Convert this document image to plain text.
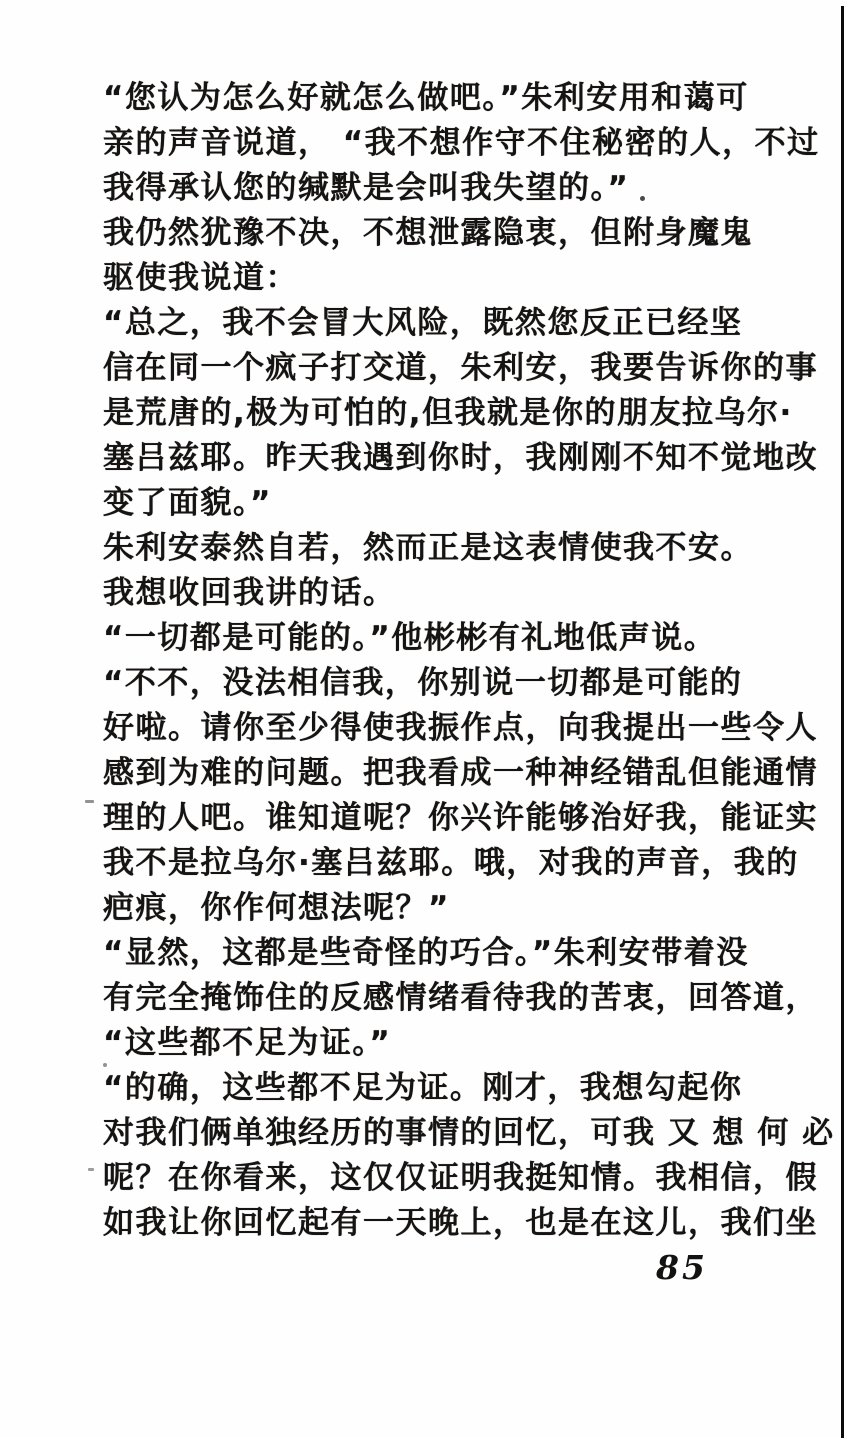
“您认为怎么好就怎么做吧。”朱利安用和蔼可 亲的声音说道， “我不想作守不住秘密的人，不过 我得承认您的缄默是会叫我失望的。”

我仍然犹豫不决，不想泄露隐衷，但附身魔鬼 驱使我说道：

“总之，我不会冒大风险，既然您反正已经坚 信在同一个疯子打交道，朱利安，我要告诉你的事 是荒唐的,极为可怕的,但我就是你的朋友拉乌尔· 塞吕兹耶。昨天我遇到你时，我刚刚不知不觉地改 变了面貌。”

朱利安泰然自若，然而正是这表情使我不安。 我想收回我讲的话。

“一切都是可能的。”他彬彬有礼地低声说。

“不不，没法相信我，你别说一切都是可能的 好啦。请你至少得使我振作点，向我提出一些令人 感到为难的问题。把我看成一种神经错乱但能通情 理的人吧。谁知道呢？你兴许能够治好我，能证实 我不是拉乌尔·塞吕兹耶。哦，对我的声音，我的 疤痕，你作何想法呢？”

“显然，这都是些奇怪的巧合。”朱利安带着没 有完全掩饰住的反感情绪看待我的苦衷，回答道， “这些都不足为证。”

“的确，这些都不足为证。刚才，我想勾起你 对我们俩单独经历的事情的回忆，可我 又 想 何 必 呢？在你看来，这仅仅证明我挺知情。我相信，假 如我让你回忆起有一天晚上，也是在这儿，我们坐

85
